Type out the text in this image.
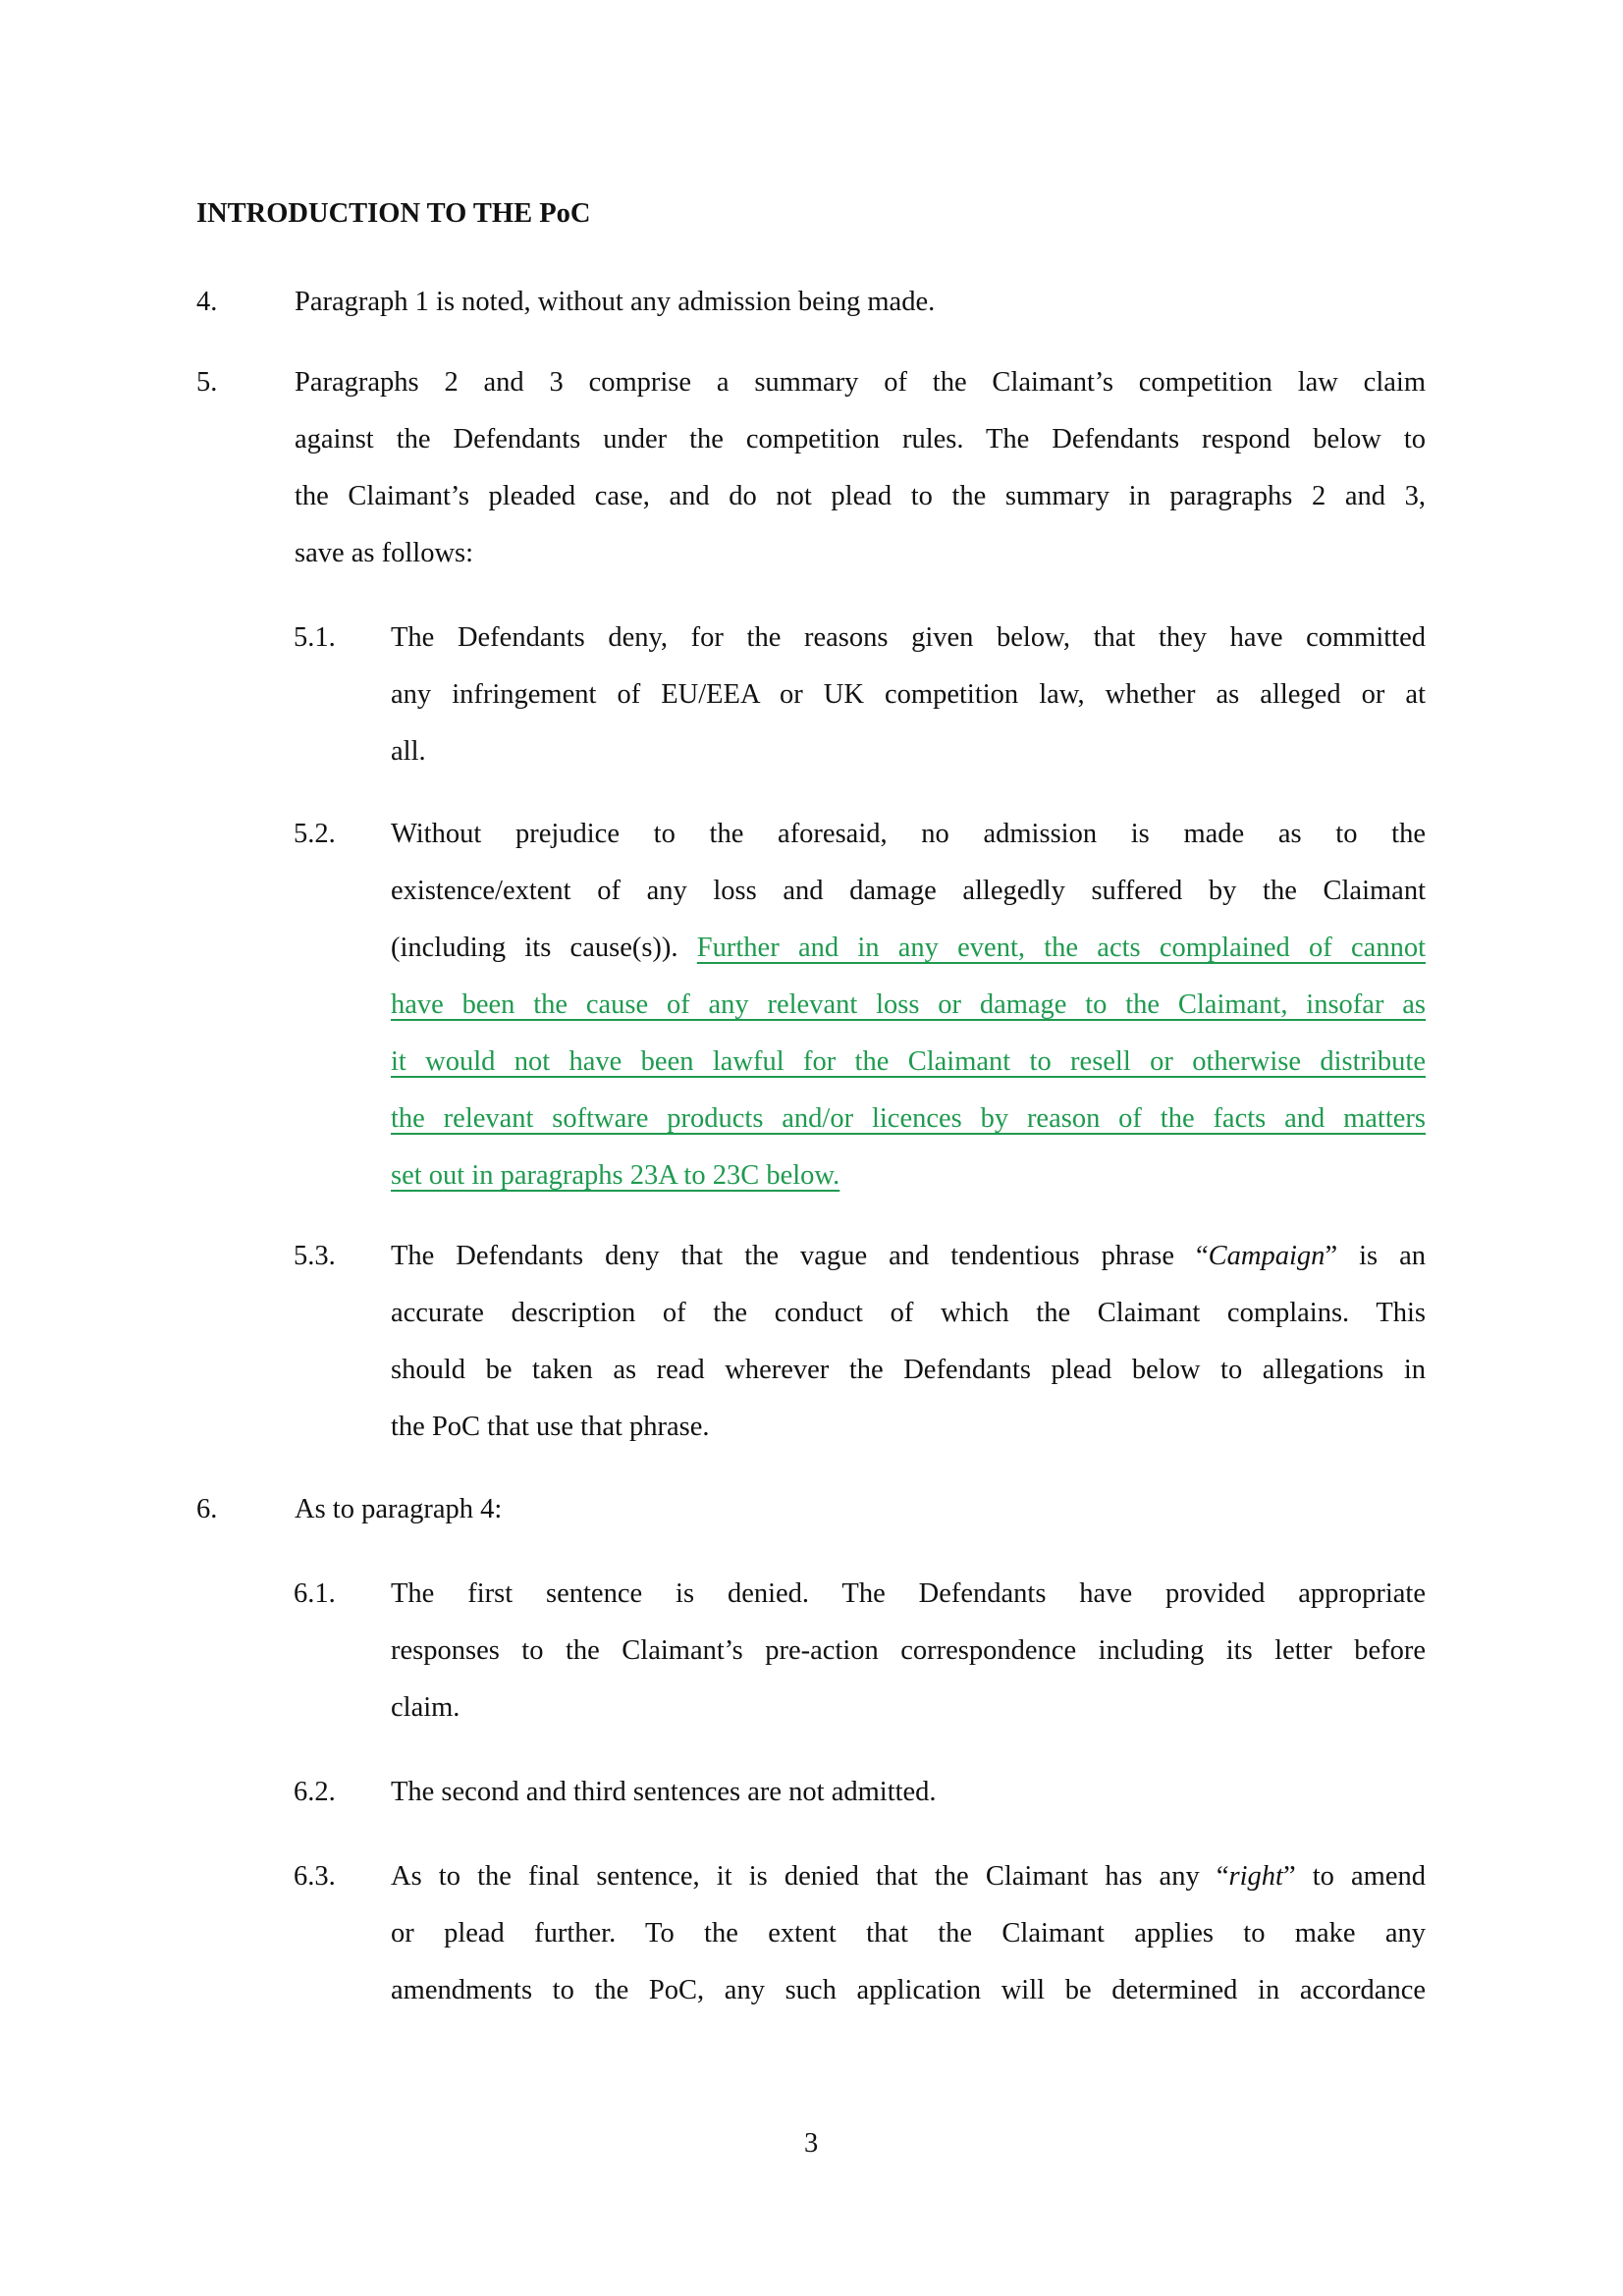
INTRODUCTION TO THE PoC
4.	Paragraph 1 is noted, without any admission being made.
5.	Paragraphs 2 and 3 comprise a summary of the Claimant’s competition law claim
against the Defendants under the competition rules. The Defendants respond below to
the Claimant’s pleaded case, and do not plead to the summary in paragraphs 2 and 3,
save as follows:
5.1. The Defendants deny, for the reasons given below, that they have committed
any infringement of EU/EEA or UK competition law, whether as alleged or at
all.
5.2. Without prejudice to the aforesaid, no admission is made as to the
existence/extent of any loss and damage allegedly suffered by the Claimant
(including its cause(s)). Further and in any event, the acts complained of cannot
have been the cause of any relevant loss or damage to the Claimant, insofar as
it would not have been lawful for the Claimant to resell or otherwise distribute
the relevant software products and/or licences by reason of the facts and matters
set out in paragraphs 23A to 23C below.
5.3. The Defendants deny that the vague and tendentious phrase “Campaign” is an
accurate description of the conduct of which the Claimant complains. This
should be taken as read wherever the Defendants plead below to allegations in
the PoC that use that phrase.
6.	As to paragraph 4:
6.1. The first sentence is denied. The Defendants have provided appropriate
responses to the Claimant’s pre-action correspondence including its letter before
claim.
6.2. The second and third sentences are not admitted.
6.3. As to the final sentence, it is denied that the Claimant has any “right” to amend
or plead further. To the extent that the Claimant applies to make any
amendments to the PoC, any such application will be determined in accordance
3
